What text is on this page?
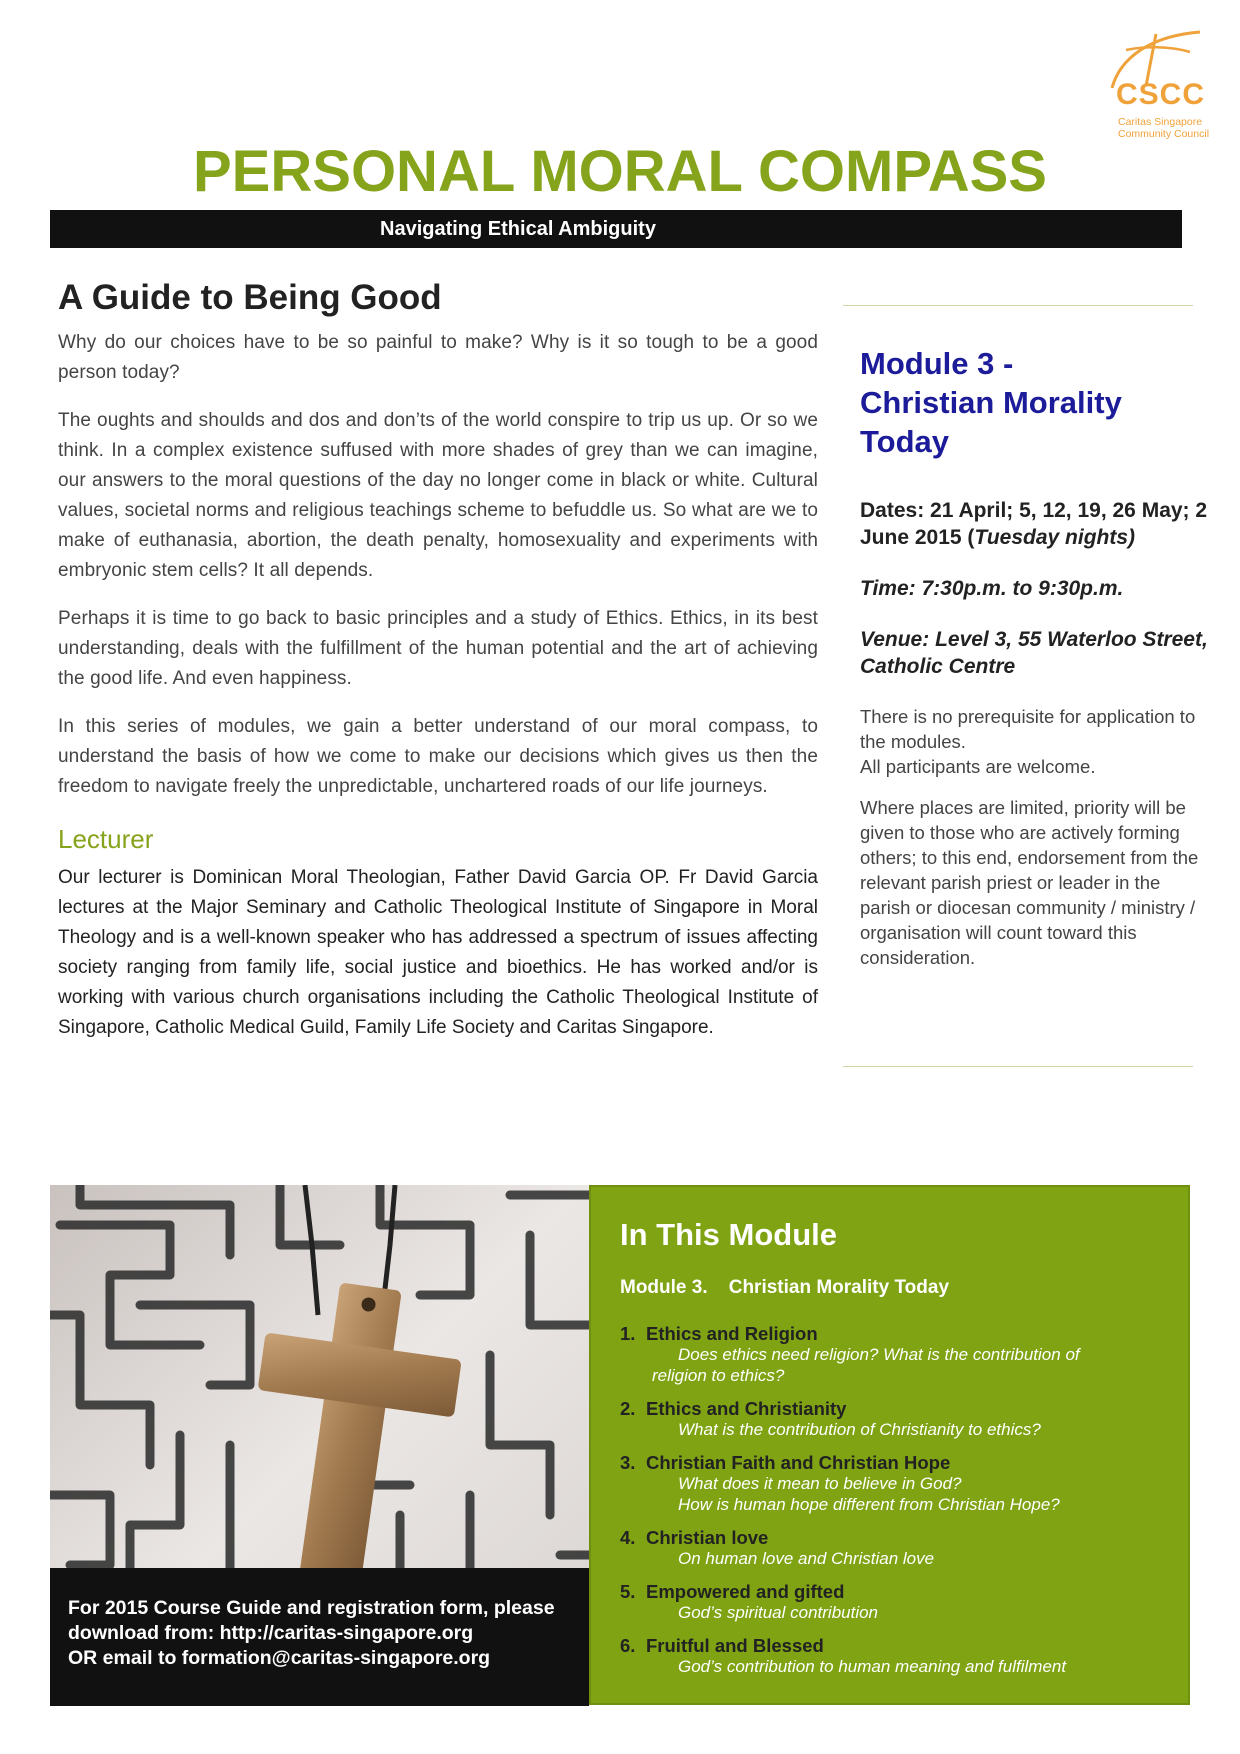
CSCC
Caritas Singapore
Community Council
PERSONAL MORAL COMPASS
Navigating Ethical Ambiguity
A Guide to Being Good

Why do our choices have to be so painful to make? Why is it so tough to be a good person today?

The oughts and shoulds and dos and don’ts of the world conspire to trip us up. Or so we think. In a complex existence suffused with more shades of grey than we can imagine, our answers to the moral questions of the day no longer come in black or white. Cultural values, societal norms and religious teachings scheme to befuddle us. So what are we to make of euthanasia, abortion, the death penalty, homosexuality and experiments with embryonic stem cells? It all depends.

Perhaps it is time to go back to basic principles and a study of Ethics. Ethics, in its best understanding, deals with the fulfillment of the human potential and the art of achieving the good life. And even happiness.

In this series of modules, we gain a better understand of our moral compass, to understand the basis of how we come to make our decisions which gives us then the freedom to navigate freely the unpredictable, unchartered roads of our life journeys.

Lecturer

Our lecturer is Dominican Moral Theologian, Father David Garcia OP. Fr David Garcia lectures at the Major Seminary and Catholic Theological Institute of Singapore in Moral Theology and is a well-known speaker who has addressed a spectrum of issues affecting society ranging from family life, social justice and bioethics. He has worked and/or is working with various church organisations including the Catholic Theological Institute of Singapore, Catholic Medical Guild, Family Life Society and Caritas Singapore.

Module 3 -
Christian Morality Today

Dates: 21 April; 5, 12, 19, 26 May; 2 June 2015 (Tuesday nights)

Time: 7:30p.m. to 9:30p.m.

Venue: Level 3, 55 Waterloo Street, Catholic Centre

There is no prerequisite for application to the modules.
All participants are welcome.

Where places are limited, priority will be given to those who are actively forming others; to this end, endorsement from the relevant parish priest or leader in the parish or diocesan community / ministry / organisation will count toward this consideration.

For 2015 Course Guide and registration form, please
download from: http://caritas-singapore.org
OR email to formation@caritas-singapore.org

In This Module

Module 3.    Christian Morality Today

1. Ethics and Religion
Does ethics need religion? What is the contribution of
religion to ethics?
2. Ethics and Christianity
What is the contribution of Christianity to ethics?
3. Christian Faith and Christian Hope
What does it mean to believe in God?
How is human hope different from Christian Hope?
4. Christian love
On human love and Christian love
5. Empowered and gifted
God’s spiritual contribution
6. Fruitful and Blessed
God’s contribution to human meaning and fulfilment
